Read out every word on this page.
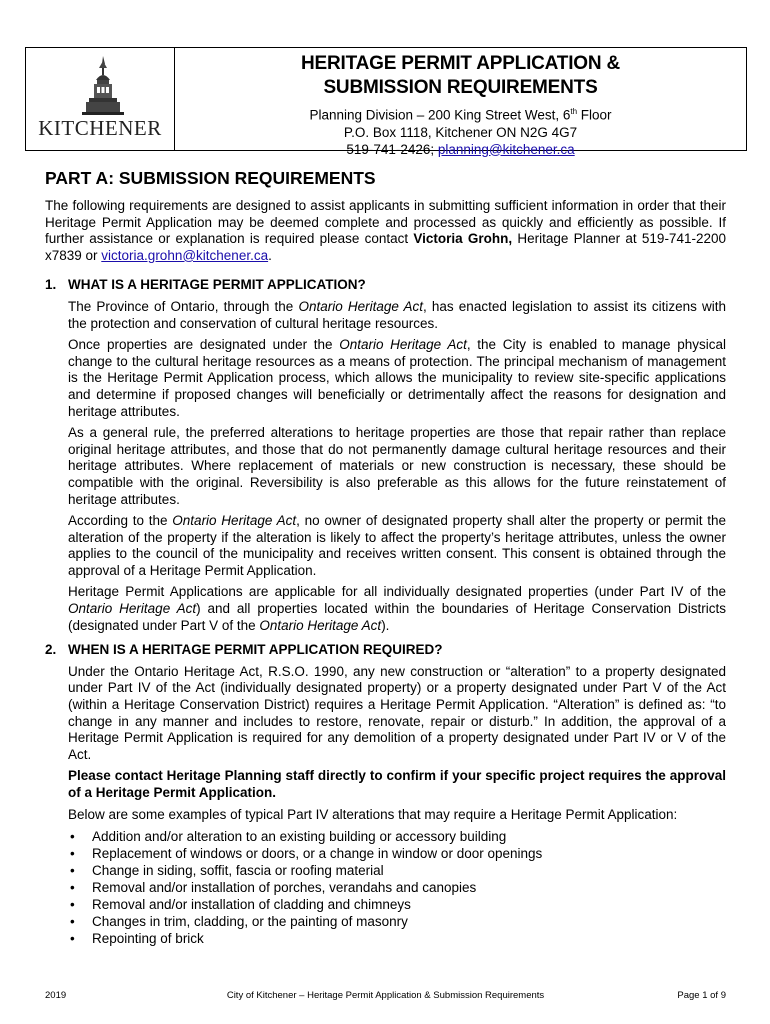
KITCHENER
HERITAGE PERMIT APPLICATION &
SUBMISSION REQUIREMENTS
Planning Division – 200 King Street West, 6th Floor
P.O. Box 1118, Kitchener ON N2G 4G7
519-741-2426; planning@kitchener.ca
PART A: SUBMISSION REQUIREMENTS

The following requirements are designed to assist applicants in submitting sufficient information in order that their Heritage Permit Application may be deemed complete and processed as quickly and efficiently as possible. If further assistance or explanation is required please contact Victoria Grohn, Heritage Planner at 519-741-2200 x7839 or victoria.grohn@kitchener.ca.

1. WHAT IS A HERITAGE PERMIT APPLICATION?

The Province of Ontario, through the Ontario Heritage Act, has enacted legislation to assist its citizens with the protection and conservation of cultural heritage resources.

Once properties are designated under the Ontario Heritage Act, the City is enabled to manage physical change to the cultural heritage resources as a means of protection. The principal mechanism of management is the Heritage Permit Application process, which allows the municipality to review site-specific applications and determine if proposed changes will beneficially or detrimentally affect the reasons for designation and heritage attributes.

As a general rule, the preferred alterations to heritage properties are those that repair rather than replace original heritage attributes, and those that do not permanently damage cultural heritage resources and their heritage attributes. Where replacement of materials or new construction is necessary, these should be compatible with the original. Reversibility is also preferable as this allows for the future reinstatement of heritage attributes.

According to the Ontario Heritage Act, no owner of designated property shall alter the property or permit the alteration of the property if the alteration is likely to affect the property’s heritage attributes, unless the owner applies to the council of the municipality and receives written consent. This consent is obtained through the approval of a Heritage Permit Application.

Heritage Permit Applications are applicable for all individually designated properties (under Part IV of the Ontario Heritage Act) and all properties located within the boundaries of Heritage Conservation Districts (designated under Part V of the Ontario Heritage Act).

2. WHEN IS A HERITAGE PERMIT APPLICATION REQUIRED?

Under the Ontario Heritage Act, R.S.O. 1990, any new construction or “alteration” to a property designated under Part IV of the Act (individually designated property) or a property designated under Part V of the Act (within a Heritage Conservation District) requires a Heritage Permit Application. “Alteration” is defined as: “to change in any manner and includes to restore, renovate, repair or disturb.” In addition, the approval of a Heritage Permit Application is required for any demolition of a property designated under Part IV or V of the Act.

Please contact Heritage Planning staff directly to confirm if your specific project requires the approval of a Heritage Permit Application.

Below are some examples of typical Part IV alterations that may require a Heritage Permit Application:

•	Addition and/or alteration to an existing building or accessory building
•	Replacement of windows or doors, or a change in window or door openings
•	Change in siding, soffit, fascia or roofing material
•	Removal and/or installation of porches, verandahs and canopies
•	Removal and/or installation of cladding and chimneys
•	Changes in trim, cladding, or the painting of masonry
•	Repointing of brick
2019	City of Kitchener – Heritage Permit Application & Submission Requirements	Page 1 of 9
